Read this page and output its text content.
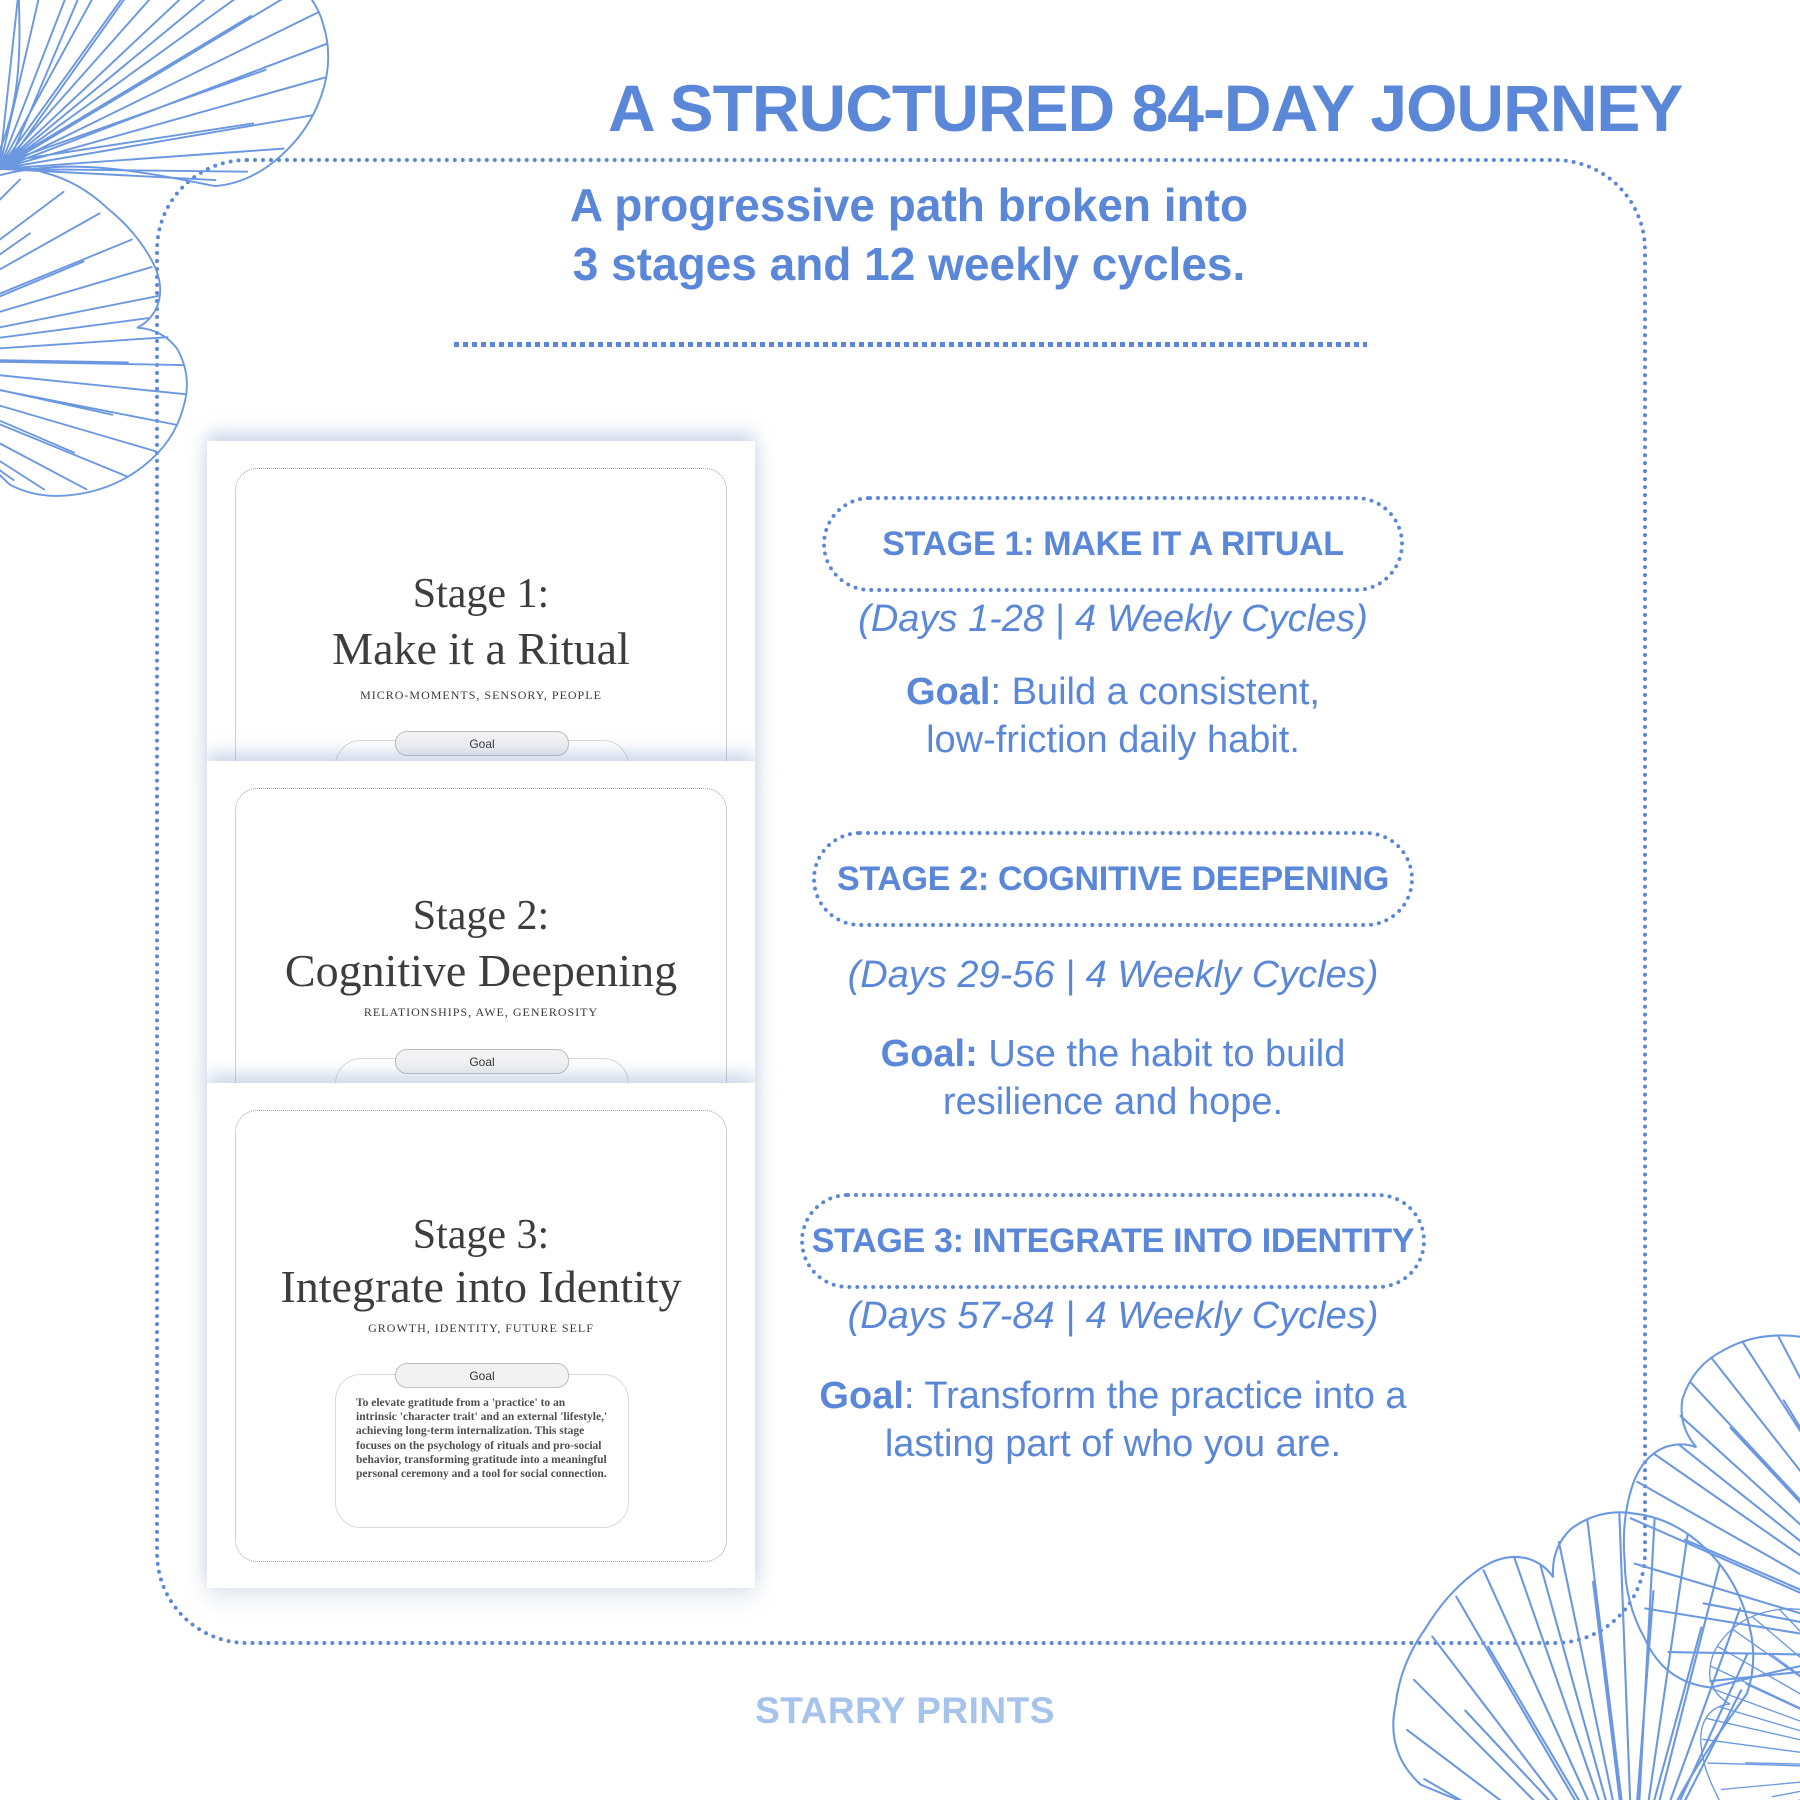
A STRUCTURED 84-DAY JOURNEY
A progressive path broken into
3 stages and 12 weekly cycles.
Stage 1:
Make it a Ritual
MICRO-MOMENTS, SENSORY, PEOPLE
Goal
Stage 2:
Cognitive Deepening
RELATIONSHIPS, AWE, GENEROSITY
Goal
Stage 3:
Integrate into Identity
GROWTH, IDENTITY, FUTURE SELF
Goal
To elevate gratitude from a 'practice' to an intrinsic 'character trait' and an external 'lifestyle,' achieving long-term internalization. This stage focuses on the psychology of rituals and pro-social behavior, transforming gratitude into a meaningful personal ceremony and a tool for social connection.
STAGE 1: MAKE IT A RITUAL
(Days 1-28 | 4 Weekly Cycles)
Goal: Build a consistent,
low-friction daily habit.
STAGE 2: COGNITIVE DEEPENING
(Days 29-56 | 4 Weekly Cycles)
Goal: Use the habit to build
resilience and hope.
STAGE 3: INTEGRATE INTO IDENTITY
(Days 57-84 | 4 Weekly Cycles)
Goal: Transform the practice into a
lasting part of who you are.
STARRY PRINTS
